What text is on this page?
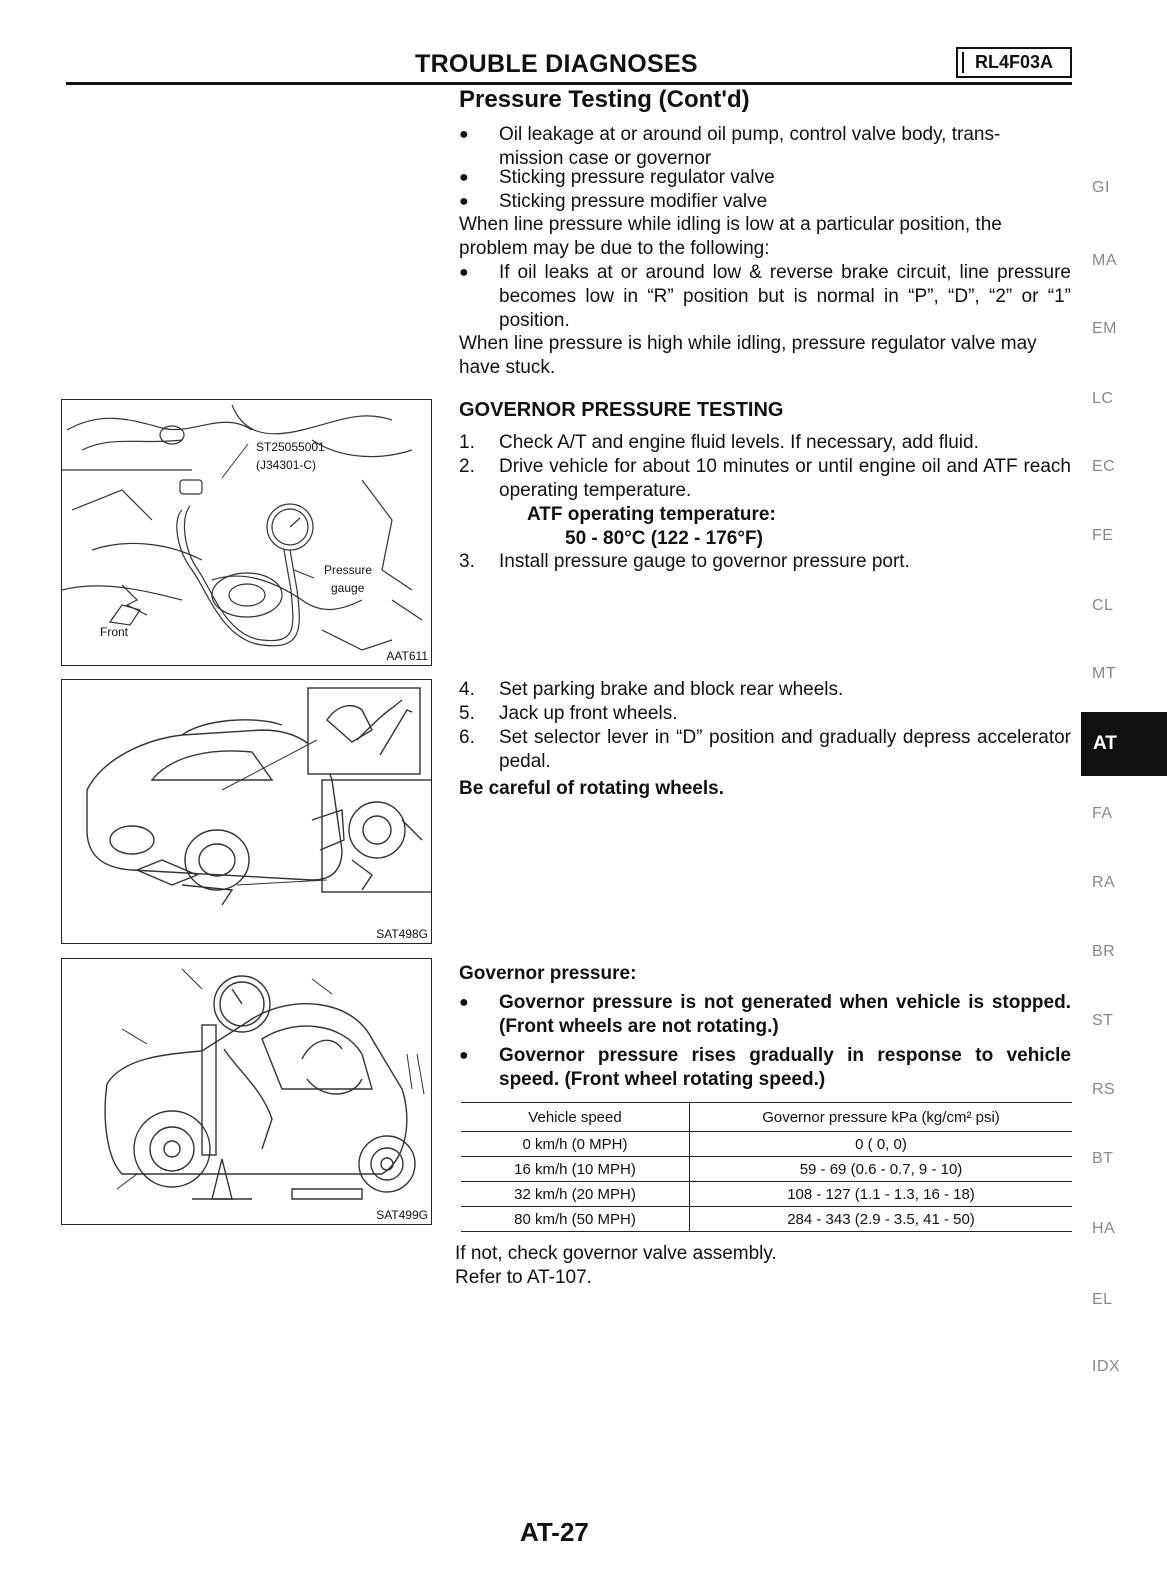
TROUBLE DIAGNOSES	RL4F03A
Pressure Testing (Cont'd)
● Oil leakage at or around oil pump, control valve body, trans-
mission case or governor
● Sticking pressure regulator valve
● Sticking pressure modifier valve
When line pressure while idling is low at a particular position, the problem may be due to the following:
● If oil leaks at or around low & reverse brake circuit, line pressure becomes low in “R” position but is normal in “P”, “D”, “2” or “1” position.
When line pressure is high while idling, pressure regulator valve may have stuck.
GOVERNOR PRESSURE TESTING
1. Check A/T and engine fluid levels. If necessary, add fluid.
2. Drive vehicle for about 10 minutes or until engine oil and ATF reach operating temperature.
ATF operating temperature:
50 - 80°C (122 - 176°F)
3. Install pressure gauge to governor pressure port.
4. Set parking brake and block rear wheels.
5. Jack up front wheels.
6. Set selector lever in “D” position and gradually depress accelerator pedal.
Be careful of rotating wheels.
Governor pressure:
● Governor pressure is not generated when vehicle is stopped. (Front wheels are not rotating.)
● Governor pressure rises gradually in response to vehicle speed. (Front wheel rotating speed.)
Vehicle speed	Governor pressure kPa (kg/cm² psi)
0 km/h (0 MPH)	0 ( 0, 0)
16 km/h (10 MPH)	59 - 69 (0.6 - 0.7, 9 - 10)
32 km/h (20 MPH)	108 - 127 (1.1 - 1.3, 16 - 18)
80 km/h (50 MPH)	284 - 343 (2.9 - 3.5, 41 - 50)
If not, check governor valve assembly.
Refer to AT-107.
ST25055001
(J34301-C)
Pressure
gauge
Front
AAT611
SAT498G
SAT499G
GI
MA
EM
LC
EC
FE
CL
MT
AT
FA
RA
BR
ST
RS
BT
HA
EL
IDX
AT-27
